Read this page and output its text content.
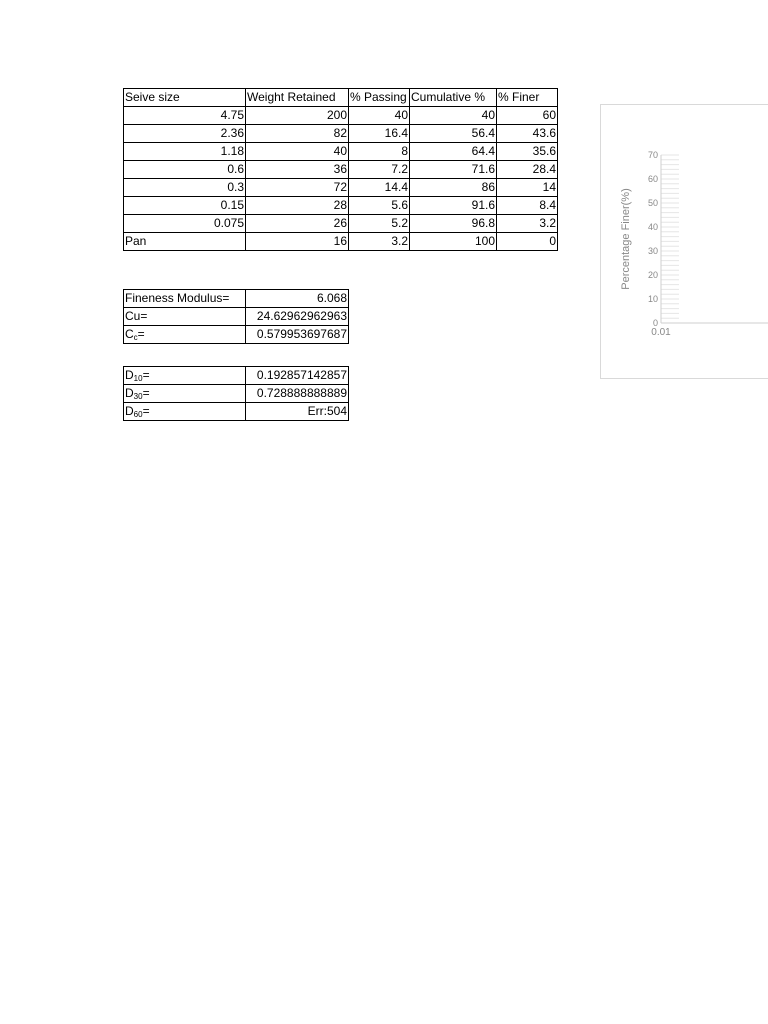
Seive size	Weight Retained	% Passing	Cumulative %	% Finer
4.75	200	40	40	60
2.36	82	16.4	56.4	43.6
1.18	40	8	64.4	35.6
0.6	36	7.2	71.6	28.4
0.3	72	14.4	86	14
0.15	28	5.6	91.6	8.4
0.075	26	5.2	96.8	3.2
Pan	16	3.2	100	0
Fineness Modulus=	6.068
Cu=	24.62962962963
$C_c=$	0.579953697687
$D_{10}=$	0.192857142857
$D_{30}=$	0.728888888889
$D_{60}=$	Err:504
0
10
20
30
40
50
60
70
0.01
Percentage Finer(%)
